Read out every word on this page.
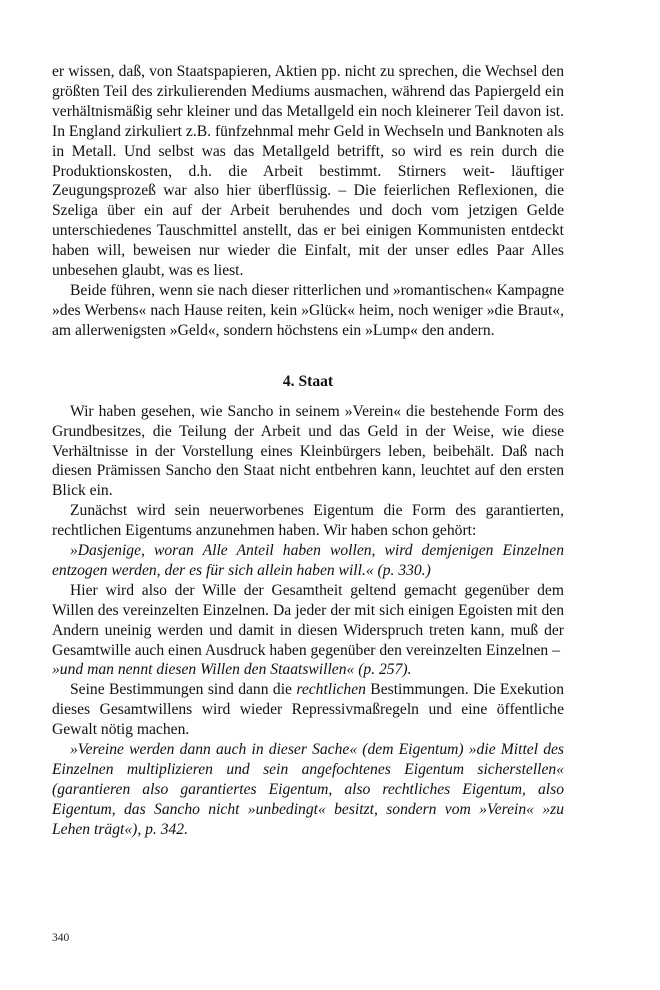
er wissen, daß, von Staatspapieren, Aktien pp. nicht zu sprechen, die Wechsel den größten Teil des zirkulierenden Mediums ausmachen, während das Papiergeld ein verhältnismäßig sehr kleiner und das Metallgeld ein noch kleinerer Teil davon ist. In England zirkuliert z.B. fünfzehnmal mehr Geld in Wechseln und Banknoten als in Metall. Und selbst was das Metallgeld betrifft, so wird es rein durch die Produktionskosten, d.h. die Arbeit bestimmt. Stirners weit- läuftiger Zeugungsprozeß war also hier überflüssig. – Die feierlichen Reflexionen, die Szeliga über ein auf der Arbeit beruhendes und doch vom jetzigen Gelde unterschiedenes Tauschmittel anstellt, das er bei einigen Kommunisten entdeckt haben will, beweisen nur wieder die Einfalt, mit der unser edles Paar Alles unbesehen glaubt, was es liest.

Beide führen, wenn sie nach dieser ritterlichen und »romantischen« Kampagne »des Werbens« nach Hause reiten, kein »Glück« heim, noch weniger »die Braut«, am allerwenigsten »Geld«, sondern höchstens ein »Lump« den andern.

4. Staat

Wir haben gesehen, wie Sancho in seinem »Verein« die bestehende Form des Grundbesitzes, die Teilung der Arbeit und das Geld in der Weise, wie diese Verhältnisse in der Vorstellung eines Kleinbürgers leben, beibehält. Daß nach diesen Prämissen Sancho den Staat nicht entbehren kann, leuchtet auf den ersten Blick ein.

Zunächst wird sein neuerworbenes Eigentum die Form des garantierten, rechtlichen Eigentums anzunehmen haben. Wir haben schon gehört:

»Dasjenige, woran Alle Anteil haben wollen, wird demjenigen Einzelnen entzogen werden, der es für sich allein haben will.« (p. 330.)

Hier wird also der Wille der Gesamtheit geltend gemacht gegenüber dem Willen des vereinzelten Einzelnen. Da jeder der mit sich einigen Egoisten mit den Andern uneinig werden und damit in diesen Widerspruch treten kann, muß der Gesamtwille auch einen Ausdruck haben gegenüber den vereinzelten Einzelnen –

»und man nennt diesen Willen den Staatswillen« (p. 257).

Seine Bestimmungen sind dann die rechtlichen Bestimmungen. Die Exekution dieses Gesamtwillens wird wieder Repressivmaßregeln und eine öffentliche Gewalt nötig machen.

»Vereine werden dann auch in dieser Sache« (dem Eigentum) »die Mittel des Einzelnen multiplizieren und sein angefochtenes Eigentum sicherstellen« (garantieren also garantiertes Eigentum, also rechtliches Eigentum, also Eigentum, das Sancho nicht »unbedingt« besitzt, sondern vom »Verein« »zu Lehen trägt«), p. 342.

340
